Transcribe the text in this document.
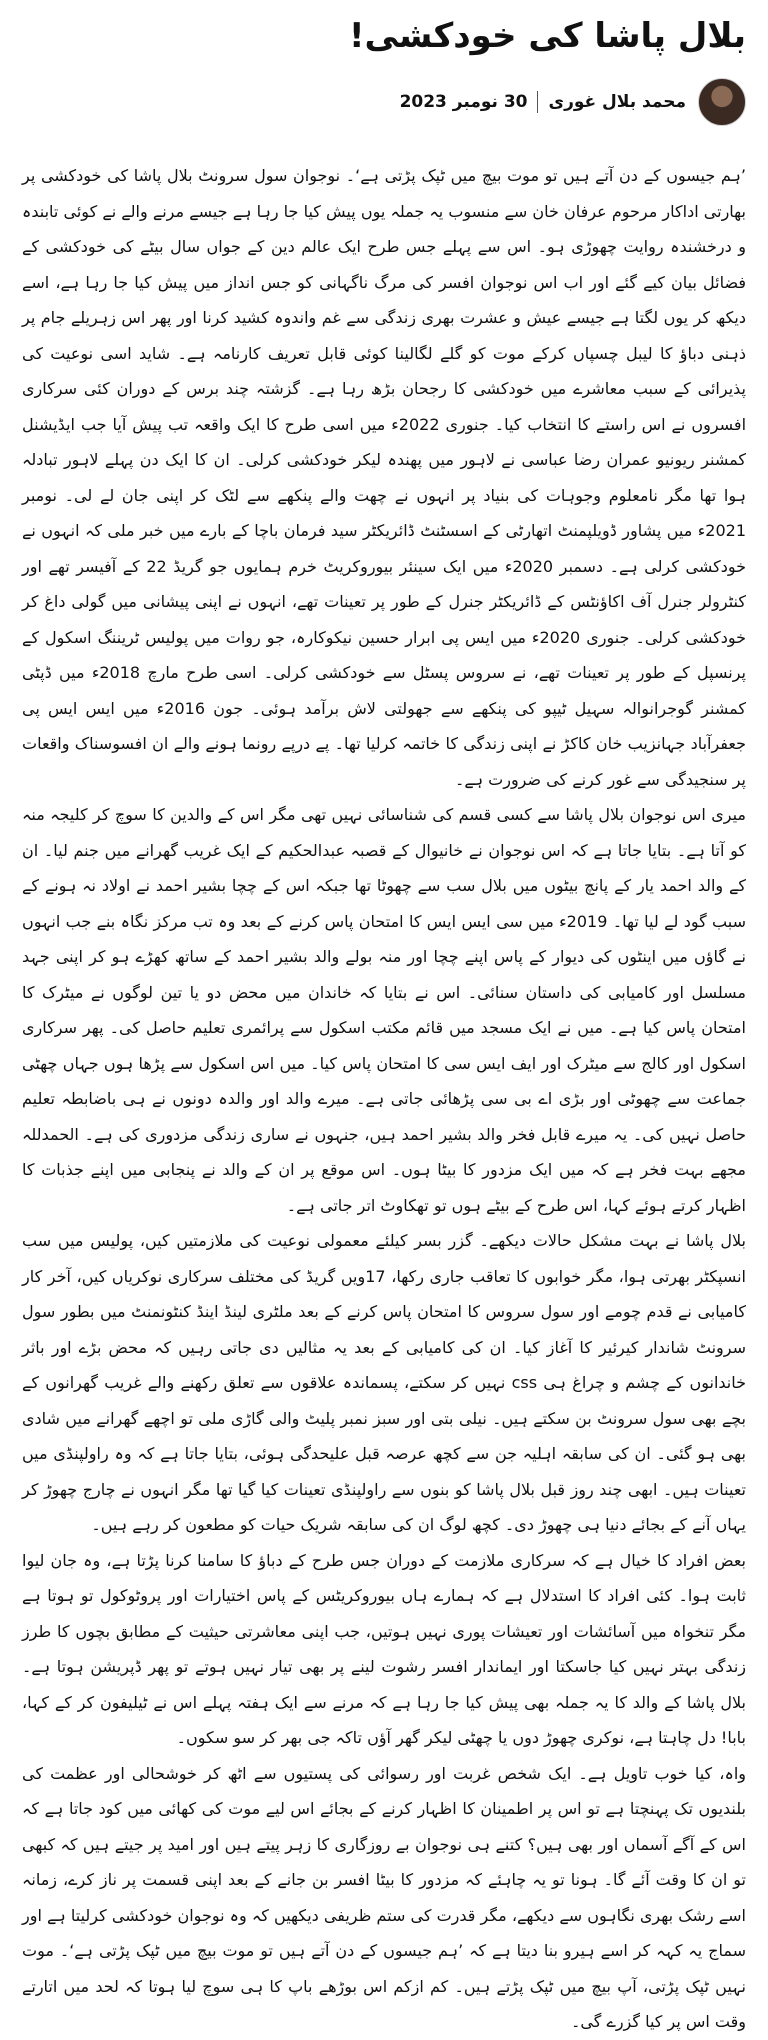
بلال پاشا کی خودکشی!
محمد بلال غوری
30 نومبر 2023

’ہم جیسوں کے دن آتے ہیں تو موت بیچ میں ٹپک پڑتی ہے‘۔ نوجوان سول سرونٹ بلال پاشا کی خودکشی پر بھارتی اداکار مرحوم عرفان خان سے منسوب یہ جملہ یوں پیش کیا جا رہا ہے جیسے مرنے والے نے کوئی تابندہ و درخشندہ روایت چھوڑی ہو۔ اس سے پہلے جس طرح ایک عالم دین کے جواں سال بیٹے کی خودکشی کے فضائل بیان کیے گئے اور اب اس نوجوان افسر کی مرگ ناگہانی کو جس انداز میں پیش کیا جا رہا ہے، اسے دیکھ کر یوں لگتا ہے جیسے عیش و عشرت بھری زندگی سے غم واندوہ کشید کرنا اور پھر اس زہریلے جام پر ذہنی دباؤ کا لیبل چسپاں کرکے موت کو گلے لگالینا کوئی قابل تعریف کارنامہ ہے۔ شاید اسی نوعیت کی پذیرائی کے سبب معاشرے میں خودکشی کا رجحان بڑھ رہا ہے۔ گزشتہ چند برس کے دوران کئی سرکاری افسروں نے اس راستے کا انتخاب کیا۔ جنوری 2022ء میں اسی طرح کا ایک واقعہ تب پیش آیا جب ایڈیشنل کمشنر ریونیو عمران رضا عباسی نے لاہور میں پھندہ لیکر خودکشی کرلی۔ ان کا ایک دن پہلے لاہور تبادلہ ہوا تھا مگر نامعلوم وجوہات کی بنیاد پر انہوں نے چھت والے پنکھے سے لٹک کر اپنی جان لے لی۔ نومبر 2021ء میں پشاور ڈویلپمنٹ اتھارٹی کے اسسٹنٹ ڈائریکٹر سید فرمان باچا کے بارے میں خبر ملی کہ انہوں نے خودکشی کرلی ہے۔ دسمبر 2020ء میں ایک سینئر بیوروکریٹ خرم ہمایوں جو گریڈ 22 کے آفیسر تھے اور کنٹرولر جنرل آف اکاؤنٹس کے ڈائریکٹر جنرل کے طور پر تعینات تھے، انہوں نے اپنی پیشانی میں گولی داغ کر خودکشی کرلی۔ جنوری 2020ء میں ایس پی ابرار حسین نیکوکارہ، جو روات میں پولیس ٹریننگ اسکول کے پرنسپل کے طور پر تعینات تھے، نے سروس پسٹل سے خودکشی کرلی۔ اسی طرح مارچ 2018ء میں ڈپٹی کمشنر گوجرانوالہ سہیل ٹیپو کی پنکھے سے جھولتی لاش برآمد ہوئی۔ جون 2016ء میں ایس ایس پی جعفرآباد جہانزیب خان کاکڑ نے اپنی زندگی کا خاتمہ کرلیا تھا۔ پے درپے رونما ہونے والے ان افسوسناک واقعات پر سنجیدگی سے غور کرنے کی ضرورت ہے۔

میری اس نوجوان بلال پاشا سے کسی قسم کی شناسائی نہیں تھی مگر اس کے والدین کا سوچ کر کلیجہ منہ کو آتا ہے۔ بتایا جاتا ہے کہ اس نوجوان نے خانیوال کے قصبہ عبدالحکیم کے ایک غریب گھرانے میں جنم لیا۔ ان کے والد احمد یار کے پانچ بیٹوں میں بلال سب سے چھوٹا تھا جبکہ اس کے چچا بشیر احمد نے اولاد نہ ہونے کے سبب گود لے لیا تھا۔ 2019ء میں سی ایس ایس کا امتحان پاس کرنے کے بعد وہ تب مرکز نگاہ بنے جب انہوں نے گاؤں میں اینٹوں کی دیوار کے پاس اپنے چچا اور منہ بولے والد بشیر احمد کے ساتھ کھڑے ہو کر اپنی جہد مسلسل اور کامیابی کی داستان سنائی۔ اس نے بتایا کہ خاندان میں محض دو یا تین لوگوں نے میٹرک کا امتحان پاس کیا ہے۔ میں نے ایک مسجد میں قائم مکتب اسکول سے پرائمری تعلیم حاصل کی۔ پھر سرکاری اسکول اور کالج سے میٹرک اور ایف ایس سی کا امتحان پاس کیا۔ میں اس اسکول سے پڑھا ہوں جہاں چھٹی جماعت سے چھوٹی اور بڑی اے بی سی پڑھائی جاتی ہے۔ میرے والد اور والدہ دونوں نے ہی باضابطہ تعلیم حاصل نہیں کی۔ یہ میرے قابل فخر والد بشیر احمد ہیں، جنہوں نے ساری زندگی مزدوری کی ہے۔ الحمدللہ مجھے بہت فخر ہے کہ میں ایک مزدور کا بیٹا ہوں۔ اس موقع پر ان کے والد نے پنجابی میں اپنے جذبات کا اظہار کرتے ہوئے کہا، اس طرح کے بیٹے ہوں تو تھکاوٹ اتر جاتی ہے۔

بلال پاشا نے بہت مشکل حالات دیکھے۔ گزر بسر کیلئے معمولی نوعیت کی ملازمتیں کیں، پولیس میں سب انسپکٹر بھرتی ہوا، مگر خوابوں کا تعاقب جاری رکھا، 17ویں گریڈ کی مختلف سرکاری نوکریاں کیں، آخر کار کامیابی نے قدم چومے اور سول سروس کا امتحان پاس کرنے کے بعد ملٹری لینڈ اینڈ کنٹونمنٹ میں بطور سول سرونٹ شاندار کیرئیر کا آغاز کیا۔ ان کی کامیابی کے بعد یہ مثالیں دی جاتی رہیں کہ محض بڑے اور باثر خاندانوں کے چشم و چراغ ہی css نہیں کر سکتے، پسماندہ علاقوں سے تعلق رکھنے والے غریب گھرانوں کے بچے بھی سول سرونٹ بن سکتے ہیں۔ نیلی بتی اور سبز نمبر پلیٹ والی گاڑی ملی تو اچھے گھرانے میں شادی بھی ہو گئی۔ ان کی سابقہ اہلیہ جن سے کچھ عرصہ قبل علیحدگی ہوئی، بتایا جاتا ہے کہ وہ راولپنڈی میں تعینات ہیں۔ ابھی چند روز قبل بلال پاشا کو بنوں سے راولپنڈی تعینات کیا گیا تھا مگر انہوں نے چارج چھوڑ کر یہاں آنے کے بجائے دنیا ہی چھوڑ دی۔ کچھ لوگ ان کی سابقہ شریک حیات کو مطعون کر رہے ہیں۔

بعض افراد کا خیال ہے کہ سرکاری ملازمت کے دوران جس طرح کے دباؤ کا سامنا کرنا پڑتا ہے، وہ جان لیوا ثابت ہوا۔ کئی افراد کا استدلال ہے کہ ہمارے ہاں بیوروکریٹس کے پاس اختیارات اور پروٹوکول تو ہوتا ہے مگر تنخواہ میں آسائشات اور تعیشات پوری نہیں ہوتیں، جب اپنی معاشرتی حیثیت کے مطابق بچوں کا طرز زندگی بہتر نہیں کیا جاسکتا اور ایماندار افسر رشوت لینے پر بھی تیار نہیں ہوتے تو پھر ڈپریشن ہوتا ہے۔ بلال پاشا کے والد کا یہ جملہ بھی پیش کیا جا رہا ہے کہ مرنے سے ایک ہفتہ پہلے اس نے ٹیلیفون کر کے کہا، بابا! دل چاہتا ہے، نوکری چھوڑ دوں یا چھٹی لیکر گھر آؤں تاکہ جی بھر کر سو سکوں۔

واہ، کیا خوب تاویل ہے۔ ایک شخص غربت اور رسوائی کی پستیوں سے اٹھ کر خوشحالی اور عظمت کی بلندیوں تک پہنچتا ہے تو اس پر اطمینان کا اظہار کرنے کے بجائے اس لیے موت کی کھائی میں کود جاتا ہے کہ اس کے آگے آسماں اور بھی ہیں؟ کتنے ہی نوجوان بے روزگاری کا زہر پیتے ہیں اور امید پر جیتے ہیں کہ کبھی تو ان کا وقت آئے گا۔ ہونا تو یہ چاہئے کہ مزدور کا بیٹا افسر بن جانے کے بعد اپنی قسمت پر ناز کرے، زمانہ اسے رشک بھری نگاہوں سے دیکھے، مگر قدرت کی ستم ظریفی دیکھیں کہ وہ نوجوان خودکشی کرلیتا ہے اور سماج یہ کہہ کر اسے ہیرو بنا دیتا ہے کہ ’ہم جیسوں کے دن آتے ہیں تو موت بیچ میں ٹپک پڑتی ہے‘۔ موت نہیں ٹپک پڑتی، آپ بیچ میں ٹپک پڑتے ہیں۔ کم ازکم اس بوڑھے باپ کا ہی سوچ لیا ہوتا کہ لحد میں اتارتے وقت اس پر کیا گزرے گی۔
